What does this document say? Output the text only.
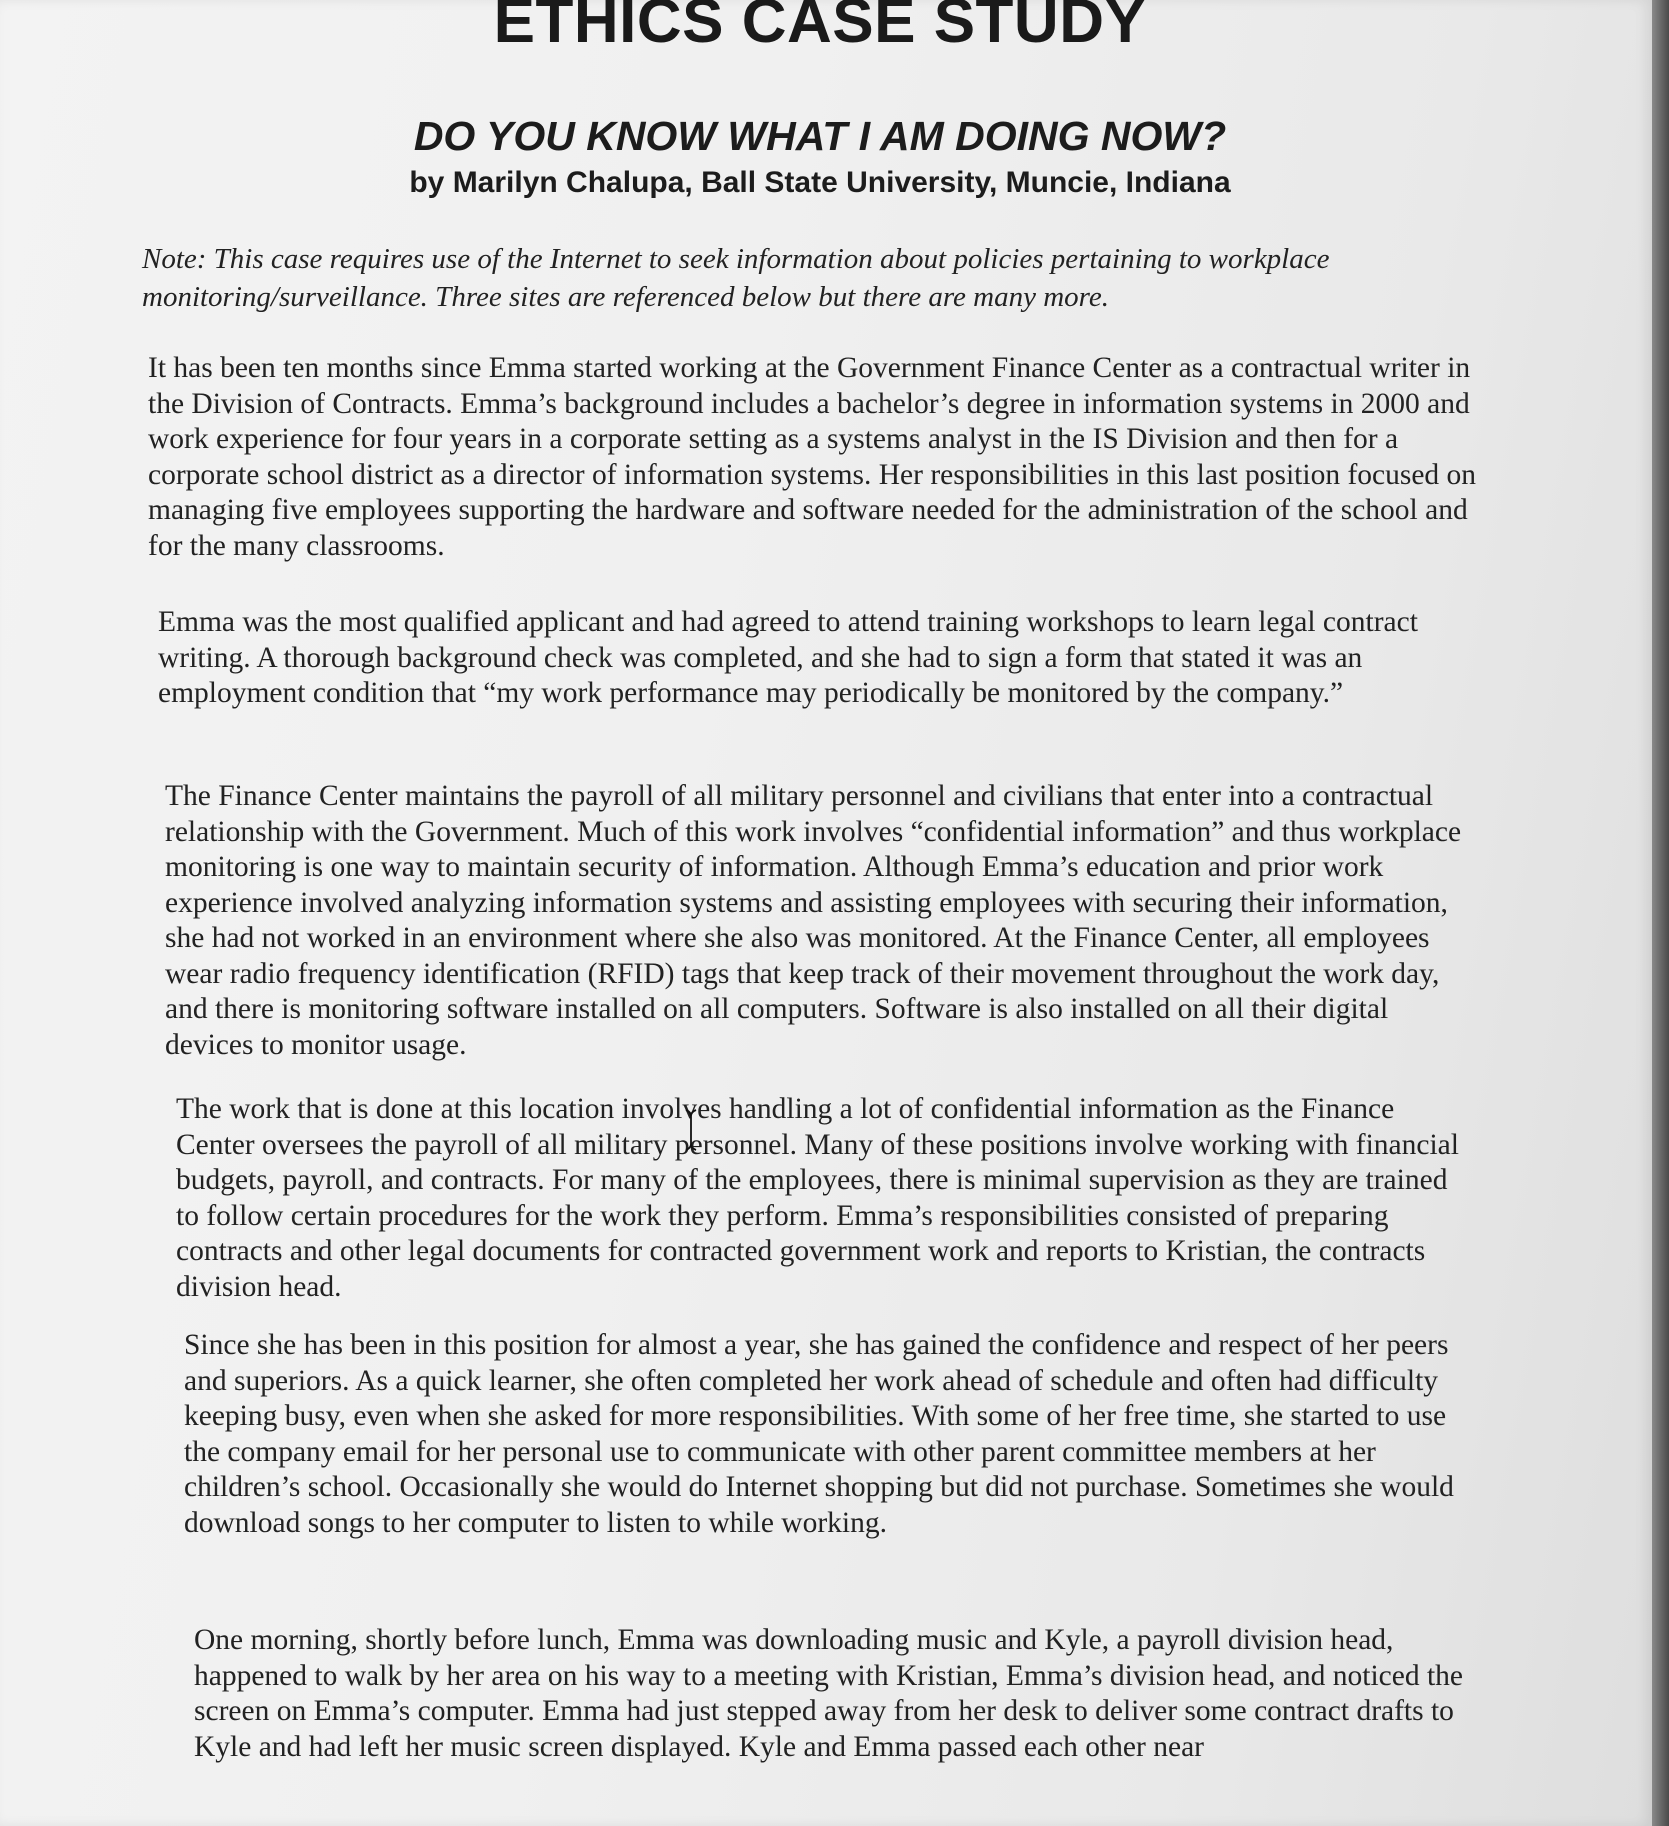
ETHICS CASE STUDY
DO YOU KNOW WHAT I AM DOING NOW?

by Marilyn Chalupa, Ball State University, Muncie, Indiana

Note: This case requires use of the Internet to seek information about policies pertaining to workplace monitoring/surveillance. Three sites are referenced below but there are many more.

It has been ten months since Emma started working at the Government Finance Center as a contractual writer in the Division of Contracts. Emma’s background includes a bachelor’s degree in information systems in 2000 and work experience for four years in a corporate setting as a systems analyst in the IS Division and then for a corporate school district as a director of information systems. Her responsibilities in this last position focused on managing five employees supporting the hardware and software needed for the administration of the school and for the many classrooms.

Emma was the most qualified applicant and had agreed to attend training workshops to learn legal contract writing. A thorough background check was completed, and she had to sign a form that stated it was an employment condition that “my work performance may periodically be monitored by the company.”

The Finance Center maintains the payroll of all military personnel and civilians that enter into a contractual relationship with the Government. Much of this work involves “confidential information” and thus workplace monitoring is one way to maintain security of information. Although Emma’s education and prior work experience involved analyzing information systems and assisting employees with securing their information, she had not worked in an environment where she also was monitored. At the Finance Center, all employees wear radio frequency identification (RFID) tags that keep track of their movement throughout the work day, and there is monitoring software installed on all computers. Software is also installed on all their digital devices to monitor usage.

The work that is done at this location involves handling a lot of confidential information as the Finance Center oversees the payroll of all military personnel. Many of these positions involve working with financial budgets, payroll, and contracts. For many of the employees, there is minimal supervision as they are trained to follow certain procedures for the work they perform. Emma’s responsibilities consisted of preparing contracts and other legal documents for contracted government work and reports to Kristian, the contracts division head.

Since she has been in this position for almost a year, she has gained the confidence and respect of her peers and superiors. As a quick learner, she often completed her work ahead of schedule and often had difficulty keeping busy, even when she asked for more responsibilities. With some of her free time, she started to use the company email for her personal use to communicate with other parent committee members at her children’s school. Occasionally she would do Internet shopping but did not purchase. Sometimes she would download songs to her computer to listen to while working.

One morning, shortly before lunch, Emma was downloading music and Kyle, a payroll division head, happened to walk by her area on his way to a meeting with Kristian, Emma’s division head, and noticed the screen on Emma’s computer. Emma had just stepped away from her desk to deliver some contract drafts to Kyle and had left her music screen displayed. Kyle and Emma passed each other near
